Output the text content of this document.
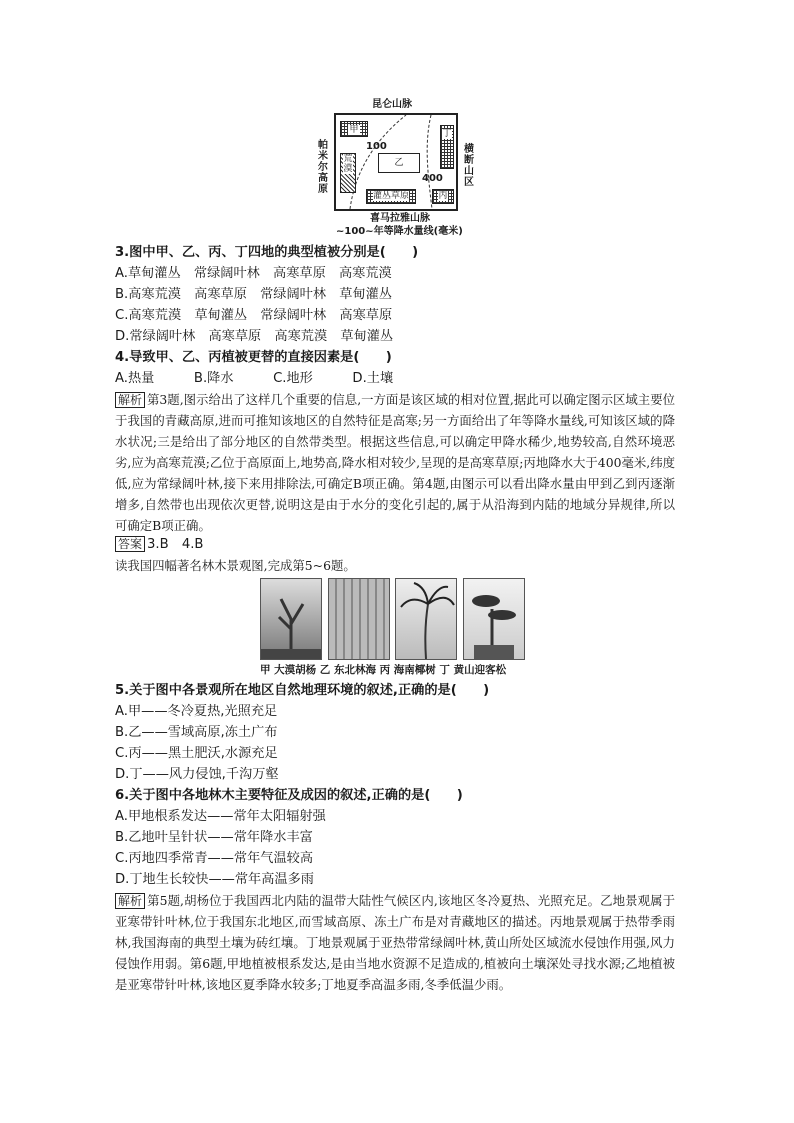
昆仑山脉
帕米尔高原
横断山区
甲
100
乙
荒漠
丁
400
灌丛草原	丙
喜马拉雅山脉
~100~年等降水量线(毫米)
3.图中甲、乙、丙、丁四地的典型植被分别是(　　)
A.草甸灌丛　常绿阔叶林　高寒草原　高寒荒漠
B.高寒荒漠　高寒草原　常绿阔叶林　草甸灌丛
C.高寒荒漠　草甸灌丛　常绿阔叶林　高寒草原
D.常绿阔叶林　高寒草原　高寒荒漠　草甸灌丛
4.导致甲、乙、丙植被更替的直接因素是(　　)
A.热量　　　B.降水　　　C.地形　　　D.土壤
解析 第3题,图示给出了这样几个重要的信息,一方面是该区域的相对位置,据此可以确定图示区域主要位于我国的青藏高原,进而可推知该地区的自然特征是高寒;另一方面给出了年等降水量线,可知该区域的降水状况;三是给出了部分地区的自然带类型。根据这些信息,可以确定甲降水稀少,地势较高,自然环境恶劣,应为高寒荒漠;乙位于高原面上,地势高,降水相对较少,呈现的是高寒草原;丙地降水大于400毫米,纬度低,应为常绿阔叶林,接下来用排除法,可确定B项正确。第4题,由图示可以看出降水量由甲到乙到丙逐渐增多,自然带也出现依次更替,说明这是由于水分的变化引起的,属于从沿海到内陆的地域分异规律,所以可确定B项正确。
答案 3.B　4.B
读我国四幅著名林木景观图,完成第5~6题。
甲 大漠胡杨 乙 东北林海 丙 海南椰树 丁 黄山迎客松
5.关于图中各景观所在地区自然地理环境的叙述,正确的是(　　)
A.甲——冬冷夏热,光照充足
B.乙——雪域高原,冻土广布
C.丙——黑土肥沃,水源充足
D.丁——风力侵蚀,千沟万壑
6.关于图中各地林木主要特征及成因的叙述,正确的是(　　)
A.甲地根系发达——常年太阳辐射强
B.乙地叶呈针状——常年降水丰富
C.丙地四季常青——常年气温较高
D.丁地生长较快——常年高温多雨
解析 第5题,胡杨位于我国西北内陆的温带大陆性气候区内,该地区冬冷夏热、光照充足。乙地景观属于亚寒带针叶林,位于我国东北地区,而雪域高原、冻土广布是对青藏地区的描述。丙地景观属于热带季雨林,我国海南的典型土壤为砖红壤。丁地景观属于亚热带常绿阔叶林,黄山所处区域流水侵蚀作用强,风力侵蚀作用弱。第6题,甲地植被根系发达,是由当地水资源不足造成的,植被向土壤深处寻找水源;乙地植被是亚寒带针叶林,该地区夏季降水较多;丁地夏季高温多雨,冬季低温少雨。
